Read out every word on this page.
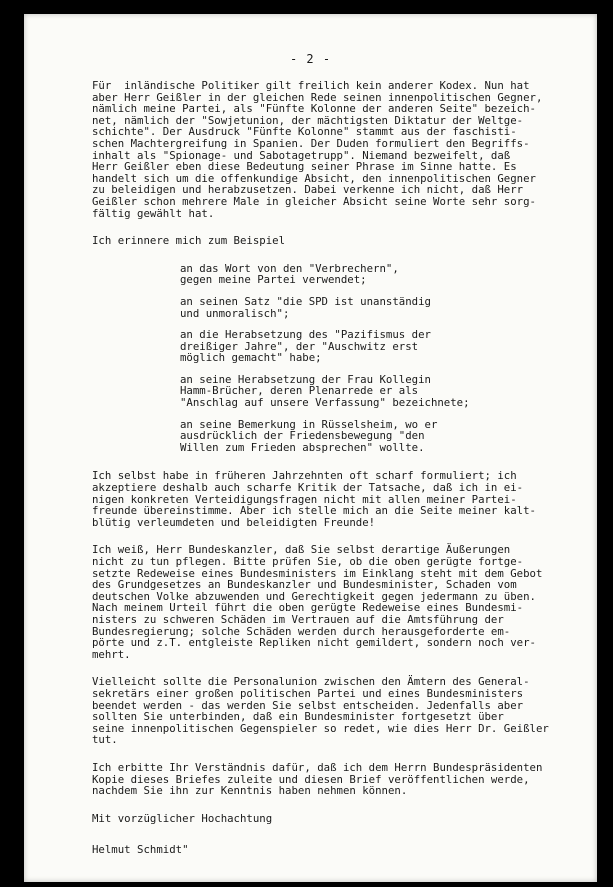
- 2 -
Für  inländische Politiker gilt freilich kein anderer Kodex. Nun hat
aber Herr Geißler in der gleichen Rede seinen innenpolitischen Gegner,
nämlich meine Partei, als "Fünfte Kolonne der anderen Seite" bezeich-
net, nämlich der "Sowjetunion, der mächtigsten Diktatur der Weltge-
schichte". Der Ausdruck "Fünfte Kolonne" stammt aus der faschisti-
schen Machtergreifung in Spanien. Der Duden formuliert den Begriffs-
inhalt als "Spionage- und Sabotagetrupp". Niemand bezweifelt, daß
Herr Geißler eben diese Bedeutung seiner Phrase im Sinne hatte. Es
handelt sich um die offenkundige Absicht, den innenpolitischen Gegner
zu beleidigen und herabzusetzen. Dabei verkenne ich nicht, daß Herr
Geißler schon mehrere Male in gleicher Absicht seine Worte sehr sorg-
fältig gewählt hat.
Ich erinnere mich zum Beispiel
an das Wort von den "Verbrechern",
gegen meine Partei verwendet;
an seinen Satz "die SPD ist unanständig
und unmoralisch";
an die Herabsetzung des "Pazifismus der
dreißiger Jahre", der "Auschwitz erst
möglich gemacht" habe;
an seine Herabsetzung der Frau Kollegin
Hamm-Brücher, deren Plenarrede er als
"Anschlag auf unsere Verfassung" bezeichnete;
an seine Bemerkung in Rüsselsheim, wo er
ausdrücklich der Friedensbewegung "den
Willen zum Frieden absprechen" wollte.
Ich selbst habe in früheren Jahrzehnten oft scharf formuliert; ich
akzeptiere deshalb auch scharfe Kritik der Tatsache, daß ich in ei-
nigen konkreten Verteidigungsfragen nicht mit allen meiner Partei-
freunde übereinstimme. Aber ich stelle mich an die Seite meiner kalt-
blütig verleumdeten und beleidigten Freunde!
Ich weiß, Herr Bundeskanzler, daß Sie selbst derartige Äußerungen
nicht zu tun pflegen. Bitte prüfen Sie, ob die oben gerügte fortge-
setzte Redeweise eines Bundesministers im Einklang steht mit dem Gebot
des Grundgesetzes an Bundeskanzler und Bundesminister, Schaden vom
deutschen Volke abzuwenden und Gerechtigkeit gegen jedermann zu üben.
Nach meinem Urteil führt die oben gerügte Redeweise eines Bundesmi-
nisters zu schweren Schäden im Vertrauen auf die Amtsführung der
Bundesregierung; solche Schäden werden durch herausgeforderte em-
pörte und z.T. entgleiste Repliken nicht gemildert, sondern noch ver-
mehrt.
Vielleicht sollte die Personalunion zwischen den Ämtern des General-
sekretärs einer großen politischen Partei und eines Bundesministers
beendet werden - das werden Sie selbst entscheiden. Jedenfalls aber
sollten Sie unterbinden, daß ein Bundesminister fortgesetzt über
seine innenpolitischen Gegenspieler so redet, wie dies Herr Dr. Geißler
tut.
Ich erbitte Ihr Verständnis dafür, daß ich dem Herrn Bundespräsidenten
Kopie dieses Briefes zuleite und diesen Brief veröffentlichen werde,
nachdem Sie ihn zur Kenntnis haben nehmen können.
Mit vorzüglicher Hochachtung
Helmut Schmidt"
